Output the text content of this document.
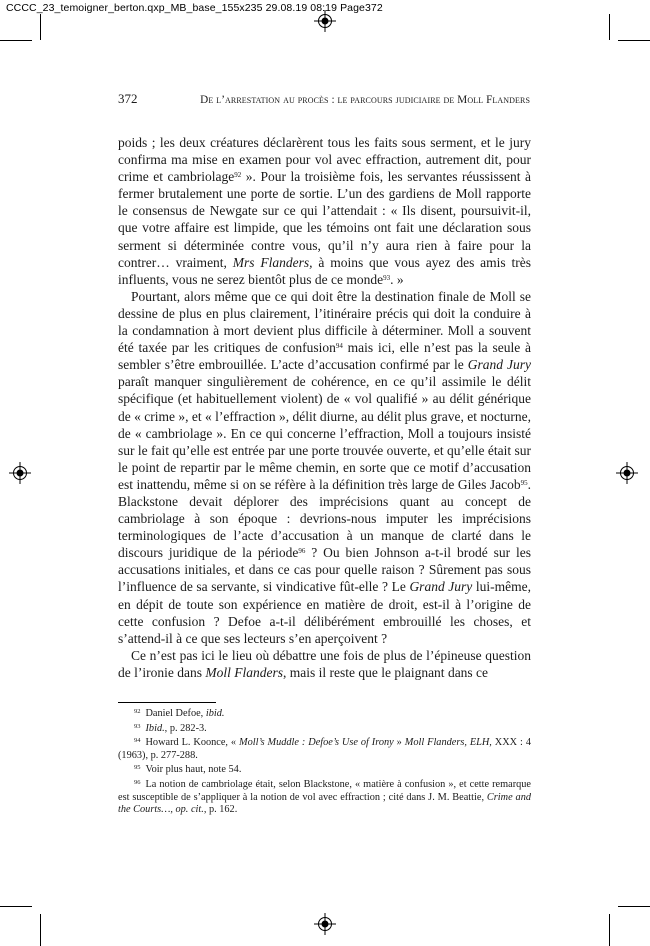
CCCC_23_temoigner_berton.qxp_MB_base_155x235 29.08.19 08:19 Page372
372	De l’arrestation au procès : le parcours judiciaire de Moll Flanders

poids ; les deux créatures déclarèrent tous les faits sous serment, et le jury confirma ma mise en examen pour vol avec effraction, autrement dit, pour crime et cambriolage$^{92}$ ». Pour la troisième fois, les servantes réussissent à fermer brutalement une porte de sortie. L’un des gardiens de Moll rapporte le consensus de Newgate sur ce qui l’attendait : « Ils disent, poursuivit-il, que votre affaire est limpide, que les témoins ont fait une déclaration sous serment si déterminée contre vous, qu’il n’y aura rien à faire pour la contrer… vraiment, Mrs Flanders, à moins que vous ayez des amis très influents, vous ne serez bientôt plus de ce monde$^{93}$. »

Pourtant, alors même que ce qui doit être la destination finale de Moll se dessine de plus en plus clairement, l’itinéraire précis qui doit la conduire à la condamnation à mort devient plus difficile à déterminer. Moll a souvent été taxée par les critiques de confusion$^{94}$ mais ici, elle n’est pas la seule à sembler s’être embrouillée. L’acte d’accusation confirmé par le Grand Jury paraît manquer singulièrement de cohérence, en ce qu’il assimile le délit spécifique (et habituellement violent) de « vol qualifié » au délit générique de « crime », et « l’effraction », délit diurne, au délit plus grave, et nocturne, de « cambriolage ». En ce qui concerne l’effraction, Moll a toujours insisté sur le fait qu’elle est entrée par une porte trouvée ouverte, et qu’elle était sur le point de repartir par le même chemin, en sorte que ce motif d’accusation est inattendu, même si on se réfère à la définition très large de Giles Jacob$^{95}$. Blackstone devait déplorer des imprécisions quant au concept de cambriolage à son époque : devrions-nous imputer les imprécisions terminologiques de l’acte d’accusation à un manque de clarté dans le discours juridique de la période$^{96}$ ? Ou bien Johnson a-t-il brodé sur les accusations initiales, et dans ce cas pour quelle raison ? Sûrement pas sous l’influence de sa servante, si vindicative fût-elle ? Le Grand Jury lui-même, en dépit de toute son expérience en matière de droit, est-il à l’origine de cette confusion ? Defoe a-t-il délibérément embrouillé les choses, et s’attend-il à ce que ses lecteurs s’en aperçoivent ?

Ce n’est pas ici le lieu où débattre une fois de plus de l’épineuse question de l’ironie dans Moll Flanders, mais il reste que le plaignant dans ce

$^{92}$ Daniel Defoe, ibid.

$^{93}$ Ibid., p. 282-3.

$^{94}$ Howard L. Koonce, « Moll’s Muddle : Defoe’s Use of Irony » Moll Flanders, ELH, XXX : 4 (1963), p. 277-288.

$^{95}$ Voir plus haut, note 54.

$^{96}$ La notion de cambriolage était, selon Blackstone, « matière à confusion », et cette remarque est susceptible de s’appliquer à la notion de vol avec effraction ; cité dans J. M. Beattie, Crime and the Courts…, op. cit., p. 162.
